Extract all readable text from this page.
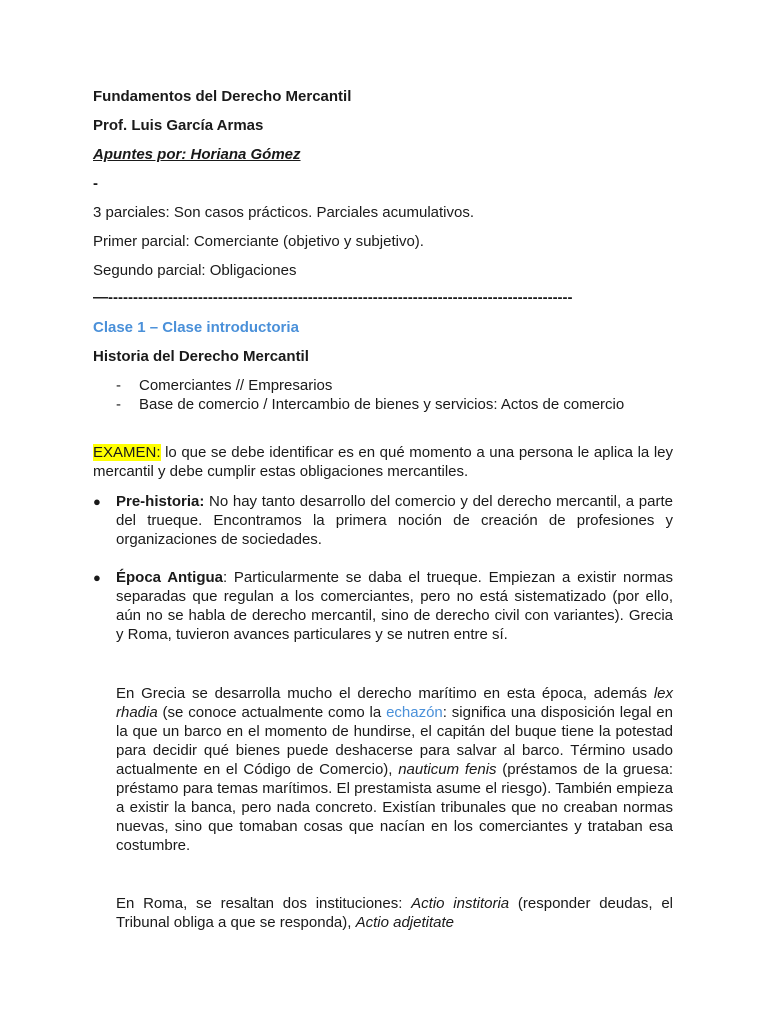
Fundamentos del Derecho Mercantil
Prof. Luis García Armas
Apuntes por: Horiana Gómez
-
3 parciales: Son casos prácticos. Parciales acumulativos.
Primer parcial: Comerciante (objetivo y subjetivo).
Segundo parcial: Obligaciones
—---------------------------------------------------------------------------------------------
Clase 1 – Clase introductoria
Historia del Derecho Mercantil
- Comerciantes // Empresarios
- Base de comercio / Intercambio de bienes y servicios: Actos de comercio
EXAMEN: lo que se debe identificar es en qué momento a una persona le aplica la ley mercantil y debe cumplir estas obligaciones mercantiles.
● Pre-historia: No hay tanto desarrollo del comercio y del derecho mercantil, a parte del trueque. Encontramos la primera noción de creación de profesiones y organizaciones de sociedades.
● Época Antigua: Particularmente se daba el trueque. Empiezan a existir normas separadas que regulan a los comerciantes, pero no está sistematizado (por ello, aún no se habla de derecho mercantil, sino de derecho civil con variantes). Grecia y Roma, tuvieron avances particulares y se nutren entre sí.
En Grecia se desarrolla mucho el derecho marítimo en esta época, además lex rhadia (se conoce actualmente como la echazón: significa una disposición legal en la que un barco en el momento de hundirse, el capitán del buque tiene la potestad para decidir qué bienes puede deshacerse para salvar al barco. Término usado actualmente en el Código de Comercio), nauticum fenis (préstamos de la gruesa: préstamo para temas marítimos. El prestamista asume el riesgo). También empieza a existir la banca, pero nada concreto. Existían tribunales que no creaban normas nuevas, sino que tomaban cosas que nacían en los comerciantes y trataban esa costumbre.
En Roma, se resaltan dos instituciones: Actio institoria (responder deudas, el Tribunal obliga a que se responda), Actio adjetitate
